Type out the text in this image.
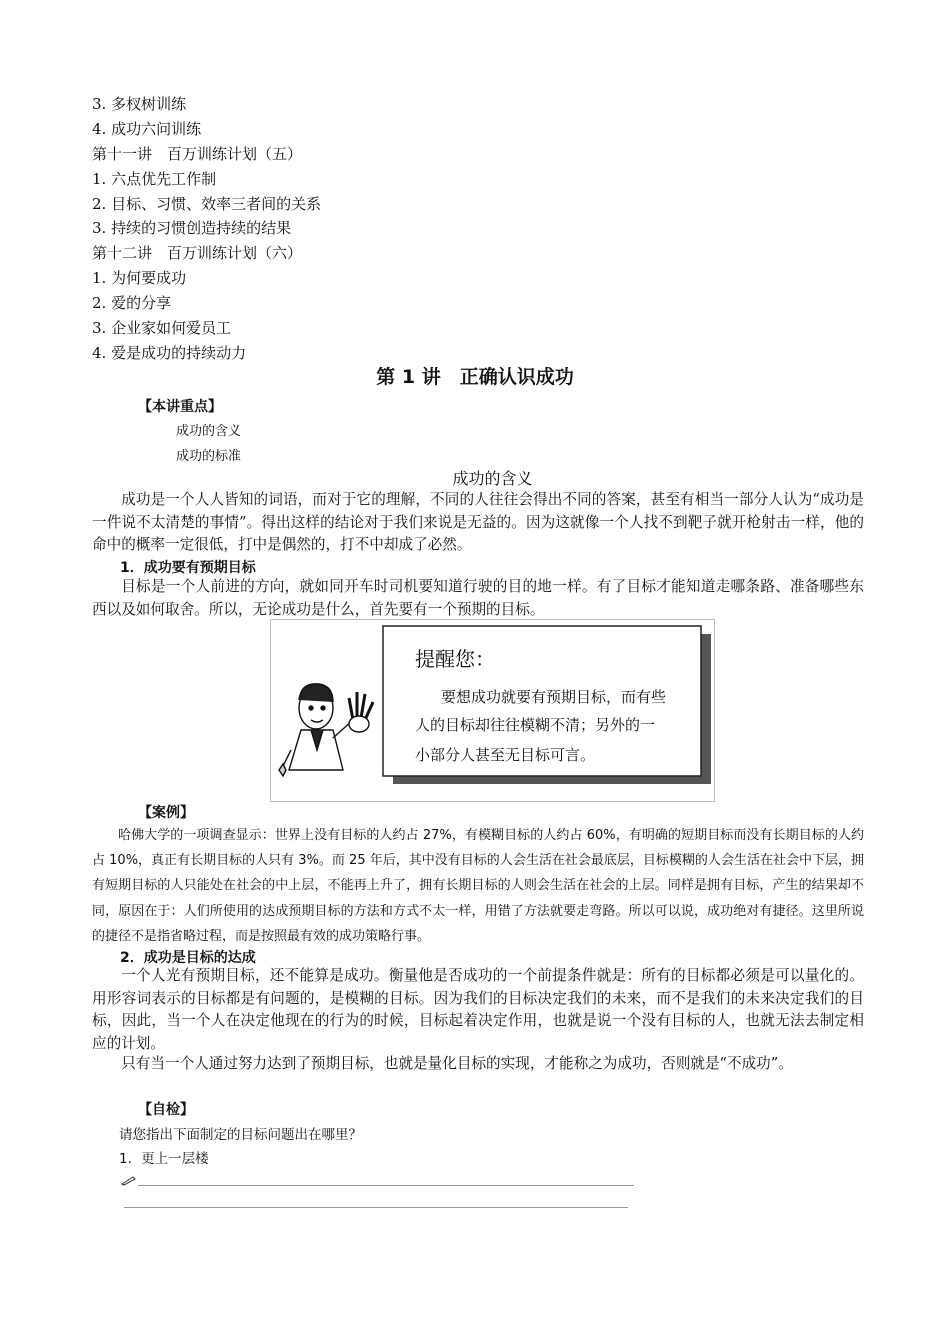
3. 多杈树训练
4. 成功六问训练
第十一讲　百万训练计划（五）
1. 六点优先工作制
2. 目标、习惯、效率三者间的关系
3. 持续的习惯创造持续的结果
第十二讲　百万训练计划（六）
1. 为何要成功
2. 爱的分享
3. 企业家如何爱员工
4. 爱是成功的持续动力
第 1 讲　正确认识成功
【本讲重点】
成功的含义
成功的标准
成功的含义
成功是一个人人皆知的词语，而对于它的理解，不同的人往往会得出不同的答案，甚至有相当一部分人认为“成功是一件说不太清楚的事情”。得出这样的结论对于我们来说是无益的。因为这就像一个人找不到靶子就开枪射击一样，他的命中的概率一定很低，打中是偶然的，打不中却成了必然。
1．成功要有预期目标
目标是一个人前进的方向，就如同开车时司机要知道行驶的目的地一样。有了目标才能知道走哪条路、准备哪些东西以及如何取舍。所以，无论成功是什么，首先要有一个预期的目标。
提醒您：
要想成功就要有预期目标，而有些
人的目标却往往模糊不清；另外的一
小部分人甚至无目标可言。
【案例】
哈佛大学的一项调查显示：世界上没有目标的人约占 27%，有模糊目标的人约占 60%，有明确的短期目标而没有长期目标的人约占 10%，真正有长期目标的人只有 3%。而 25 年后，其中没有目标的人会生活在社会最底层，目标模糊的人会生活在社会中下层，拥有短期目标的人只能处在社会的中上层，不能再上升了，拥有长期目标的人则会生活在社会的上层。同样是拥有目标，产生的结果却不同，原因在于：人们所使用的达成预期目标的方法和方式不太一样，用错了方法就要走弯路。所以可以说，成功绝对有捷径。这里所说的捷径不是指省略过程，而是按照最有效的成功策略行事。
2．成功是目标的达成
一个人光有预期目标，还不能算是成功。衡量他是否成功的一个前提条件就是：所有的目标都必须是可以量化的。用形容词表示的目标都是有问题的，是模糊的目标。因为我们的目标决定我们的未来，而不是我们的未来决定我们的目标，因此，当一个人在决定他现在的行为的时候，目标起着决定作用，也就是说一个没有目标的人，也就无法去制定相应的计划。
只有当一个人通过努力达到了预期目标，也就是量化目标的实现，才能称之为成功，否则就是“不成功”。
【自检】
请您指出下面制定的目标问题出在哪里？
1．更上一层楼
